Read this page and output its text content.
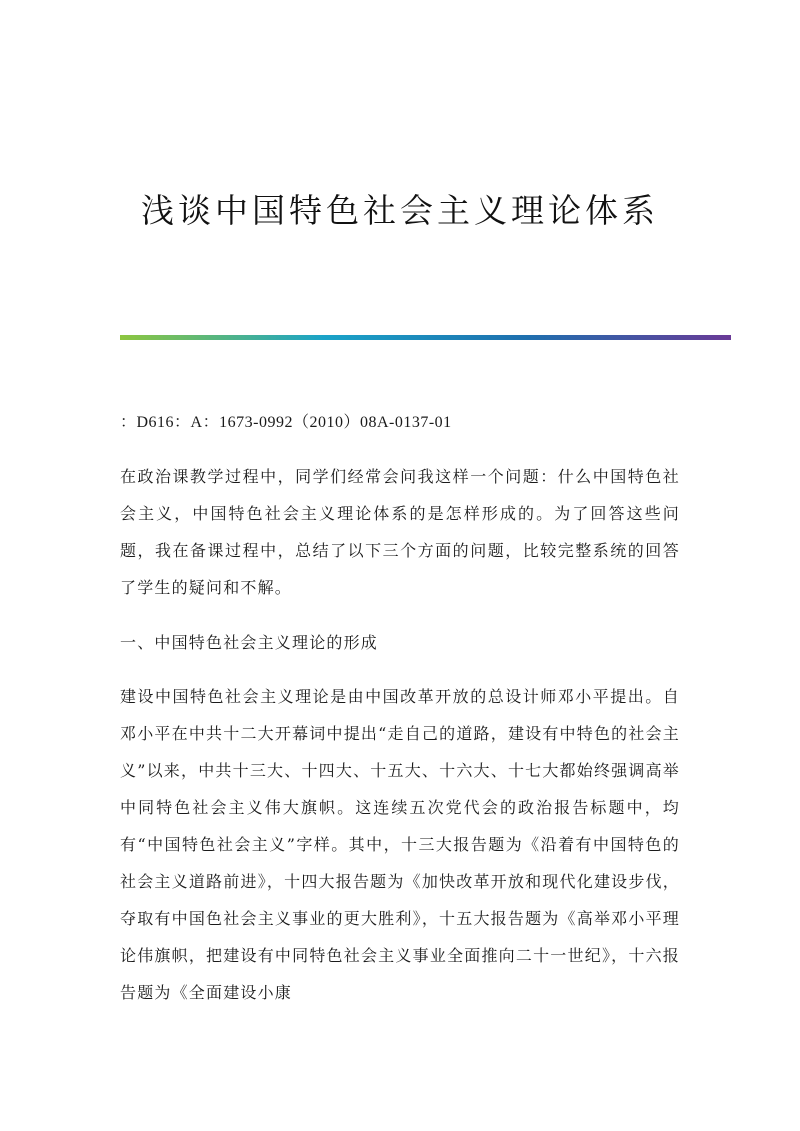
浅谈中国特色社会主义理论体系

：D616：A：1673-0992（2010）08A-0137-01

在政治课教学过程中，同学们经常会问我这样一个问题：什么中国特色社会主义，中国特色社会主义理论体系的是怎样形成的。为了回答这些问题，我在备课过程中，总结了以下三个方面的问题，比较完整系统的回答了学生的疑问和不解。

一、中国特色社会主义理论的形成

建设中国特色社会主义理论是由中国改革开放的总设计师邓小平提出。自邓小平在中共十二大开幕词中提出“走自己的道路，建设有中特色的社会主义”以来，中共十三大、十四大、十五大、十六大、十七大都始终强调高举中同特色社会主义伟大旗帜。这连续五次党代会的政治报告标题中，均有“中国特色社会主义”字样。其中，十三大报告题为《沿着有中国特色的社会主义道路前进》，十四大报告题为《加快改革开放和现代化建设步伐，夺取有中国色社会主义事业的更大胜利》，十五大报告题为《高举邓小平理论伟旗帜，把建设有中同特色社会主义事业全面推向二十一世纪》，十六报告题为《全面建设小康
